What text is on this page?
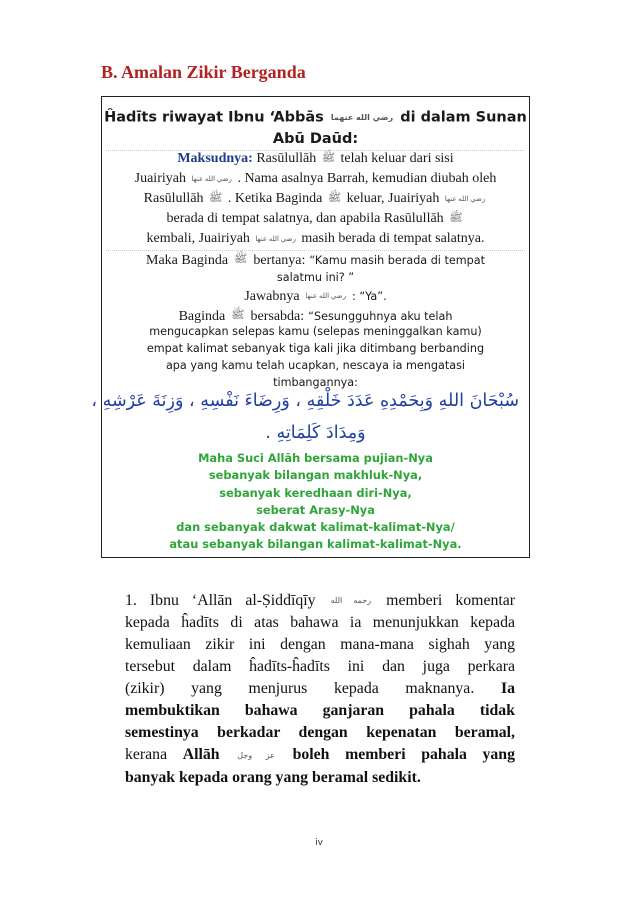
B. Amalan Zikir Berganda
Ĥadīts riwayat Ibnu ‘Abbās رضي الله عنهما di dalam Sunan
Abū Daūd:
Maksudnya: Rasūlullāh ﷺ telah keluar dari sisi
Juairiyah رضي الله عنها . Nama asalnya Barrah, kemudian diubah oleh
Rasūlullāh ﷺ . Ketika Baginda ﷺ keluar, Juairiyah رضي الله عنها
berada di tempat salatnya, dan apabila Rasūlullāh ﷺ
kembali, Juairiyah رضي الله عنها masih berada di tempat salatnya.
Maka Baginda ﷺ bertanya: “Kamu masih berada di tempat
salatmu ini? ”
Jawabnya رضي الله عنها : “Ya”.
Baginda ﷺ bersabda: “Sesungguhnya aku telah
mengucapkan selepas kamu (selepas meninggalkan kamu)
empat kalimat sebanyak tiga kali jika ditimbang berbanding
apa yang kamu telah ucapkan, nescaya ia mengatasi
timbangannya:
سُبْحَانَ اللهِ وَبِحَمْدِهِ عَدَدَ خَلْقِهِ ، وَرِضَاءَ نَفْسِهِ ، وَزِنَةَ عَرْشِهِ ،
وَمِدَادَ كَلِمَاتِهِ .
Maha Suci Allāh bersama pujian-Nya
sebanyak bilangan makhluk-Nya,
sebanyak keredhaan diri-Nya,
seberat Arasy-Nya
dan sebanyak dakwat kalimat-kalimat-Nya/
atau sebanyak bilangan kalimat-kalimat-Nya.
1. Ibnu ‘Allān al-Ṣiddīqīy رحمه الله memberi komentar
kepada ĥadīts di atas bahawa ia menunjukkan kepada
kemuliaan zikir ini dengan mana-mana sighah yang
tersebut dalam ĥadīts-ĥadīts ini dan juga perkara
(zikir) yang menjurus kepada maknanya. Ia
membuktikan bahawa ganjaran pahala tidak
semestinya berkadar dengan kepenatan beramal,
kerana Allāh عز وجل boleh memberi pahala yang
banyak kepada orang yang beramal sedikit.
iv
